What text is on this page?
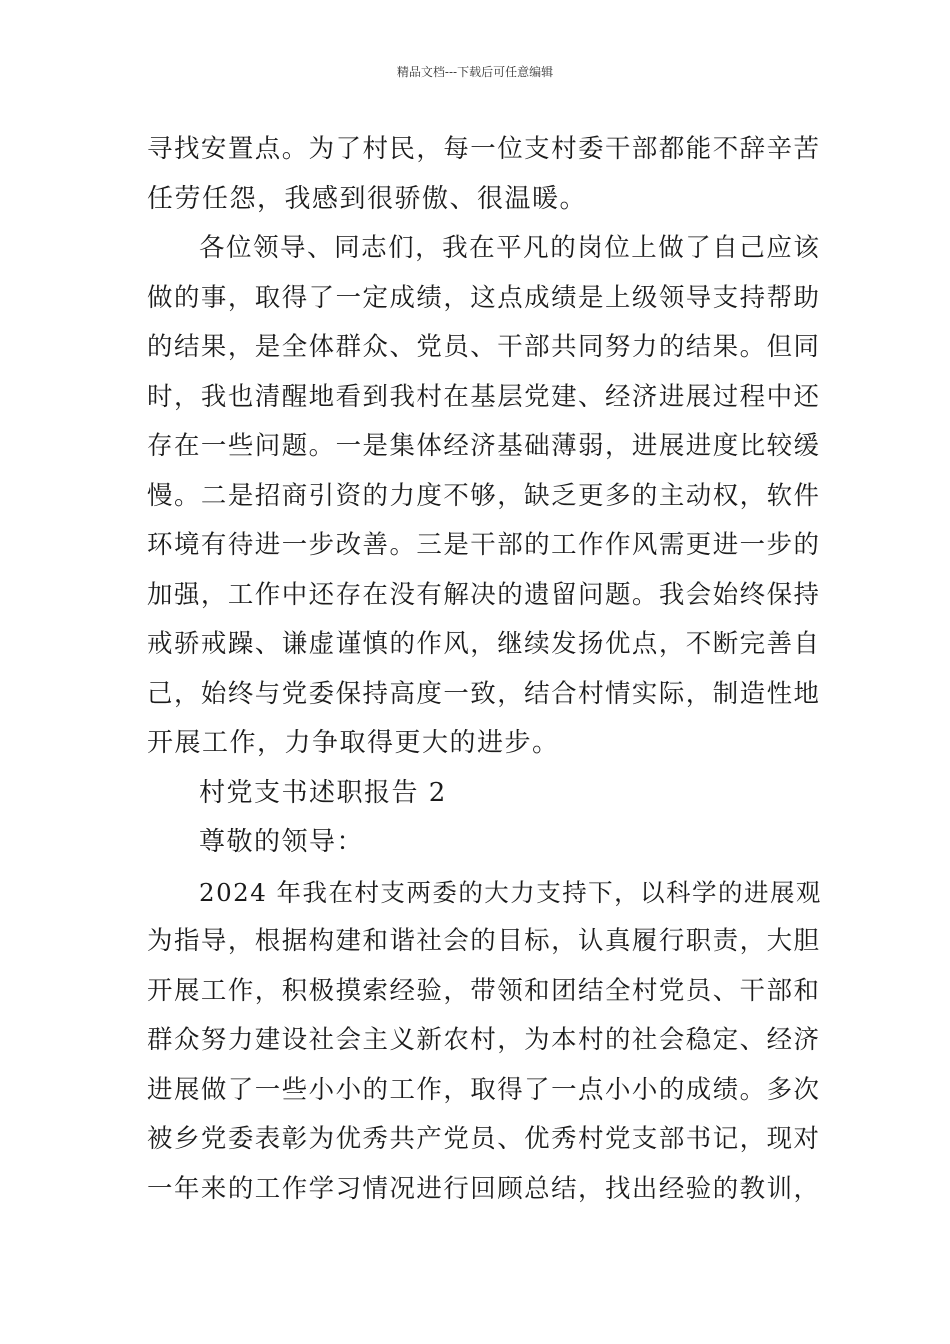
精品文档---下载后可任意编辑
寻找安置点。为了村民，每一位支村委干部都能不辞辛苦
任劳任怨，我感到很骄傲、很温暖。
各位领导、同志们，我在平凡的岗位上做了自己应该
做的事，取得了一定成绩，这点成绩是上级领导支持帮助
的结果，是全体群众、党员、干部共同努力的结果。但同
时，我也清醒地看到我村在基层党建、经济进展过程中还
存在一些问题。一是集体经济基础薄弱，进展进度比较缓
慢。二是招商引资的力度不够，缺乏更多的主动权，软件
环境有待进一步改善。三是干部的工作作风需更进一步的
加强，工作中还存在没有解决的遗留问题。我会始终保持
戒骄戒躁、谦虚谨慎的作风，继续发扬优点，不断完善自
己，始终与党委保持高度一致，结合村情实际，制造性地
开展工作，力争取得更大的进步。
村党支书述职报告 2
尊敬的领导：
2024 年我在村支两委的大力支持下，以科学的进展观
为指导，根据构建和谐社会的目标，认真履行职责，大胆
开展工作，积极摸索经验，带领和团结全村党员、干部和
群众努力建设社会主义新农村，为本村的社会稳定、经济
进展做了一些小小的工作，取得了一点小小的成绩。多次
被乡党委表彰为优秀共产党员、优秀村党支部书记，现对
一年来的工作学习情况进行回顾总结，找出经验的教训，
